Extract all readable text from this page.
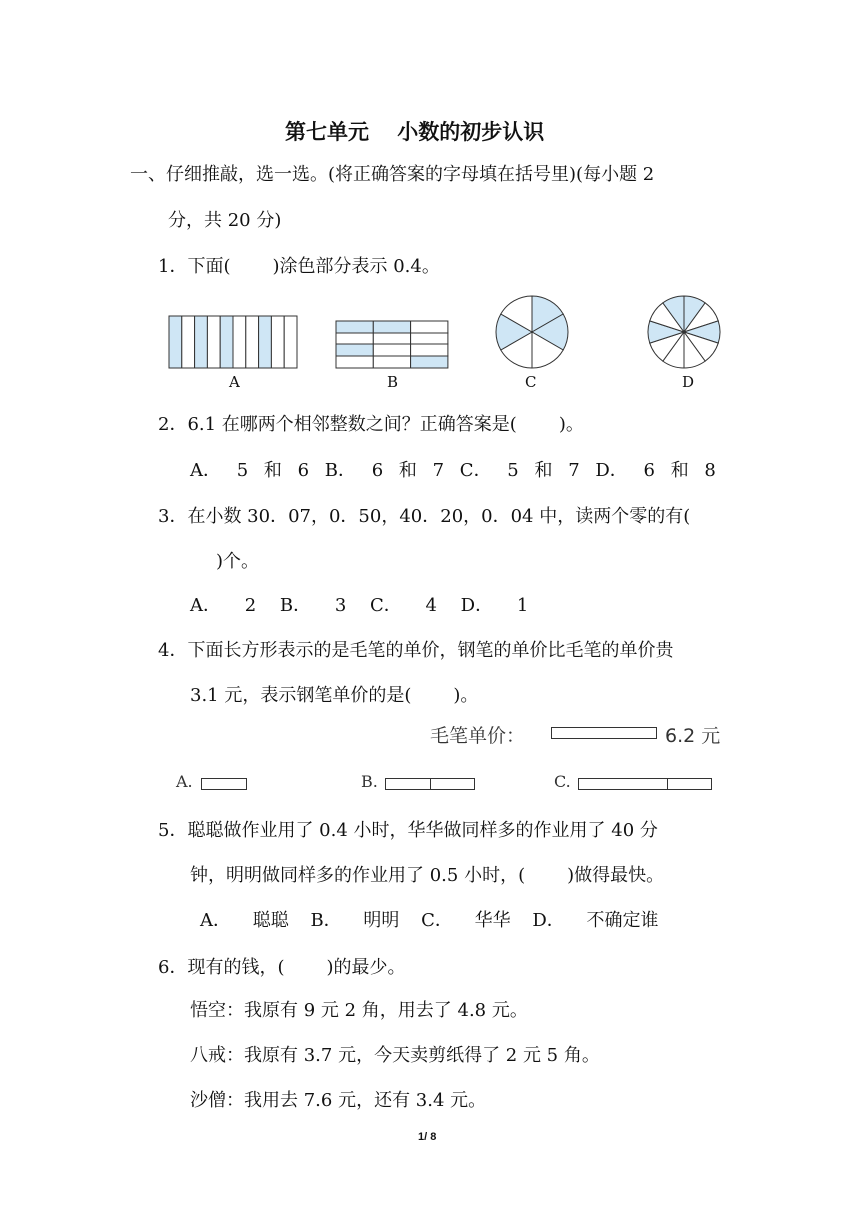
第七单元　 小数的初步认识
一、仔细推敲，选一选。(将正确答案的字母填在括号里)(每小题 2
分，共 20 分)
1．下面( )涂色部分表示 0.4。
A	B	C	D
2．6.1 在哪两个相邻整数之间？正确答案是( )。
A． 5 和 6 B． 6 和 7 C． 5 和 7 D． 6 和 8
3．在小数 30．07，0．50，40．20，0．04 中，读两个零的有(
)个。
A． 2 B． 3 C． 4 D． 1
4．下面长方形表示的是毛笔的单价，钢笔的单价比毛笔的单价贵
3.1 元，表示钢笔单价的是( )。
毛笔单价：	6.2 元
A.	B.	C.
5．聪聪做作业用了 0.4 小时，华华做同样多的作业用了 40 分
钟，明明做同样多的作业用了 0.5 小时，( )做得最快。
A． 聪聪 B． 明明 C． 华华 D． 不确定谁
6．现有的钱，( )的最少。
悟空：我原有 9 元 2 角，用去了 4.8 元。
八戒：我原有 3.7 元，今天卖剪纸得了 2 元 5 角。
沙僧：我用去 7.6 元，还有 3.4 元。
1/ 8
